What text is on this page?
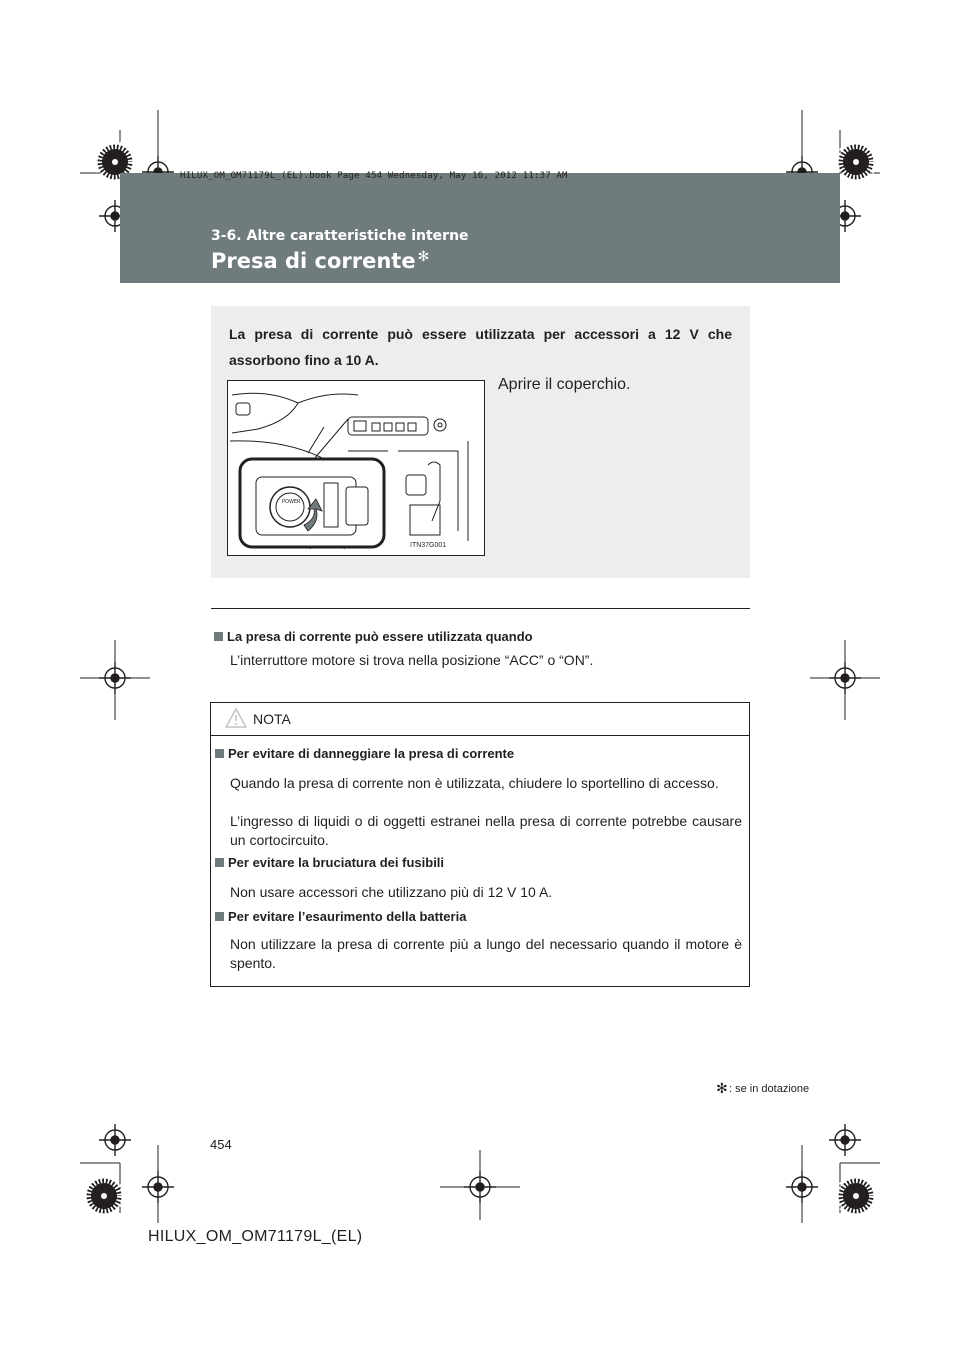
HILUX_OM_OM71179L_(EL).book Page 454 Wednesday, May 16, 2012 11:37 AM
3-6. Altre caratteristiche interne
Presa di corrente ✻
La presa di corrente può essere utilizzata per accessori a 12 V che assorbono fino a 10 A.
POWER
ITN37G001
Aprire il coperchio.
La presa di corrente può essere utilizzata quando
L’interruttore motore si trova nella posizione “ACC” o “ON”.
NOTA
Per evitare di danneggiare la presa di corrente
Quando la presa di corrente non è utilizzata, chiudere lo sportellino di accesso.
L’ingresso di liquidi o di oggetti estranei nella presa di corrente potrebbe causare un cortocircuito.
Per evitare la bruciatura dei fusibili
Non usare accessori che utilizzano più di 12 V 10 A.
Per evitare l’esaurimento della batteria
Non utilizzare la presa di corrente più a lungo del necessario quando il motore è spento.
✻ : se in dotazione
454
HILUX_OM_OM71179L_(EL)
